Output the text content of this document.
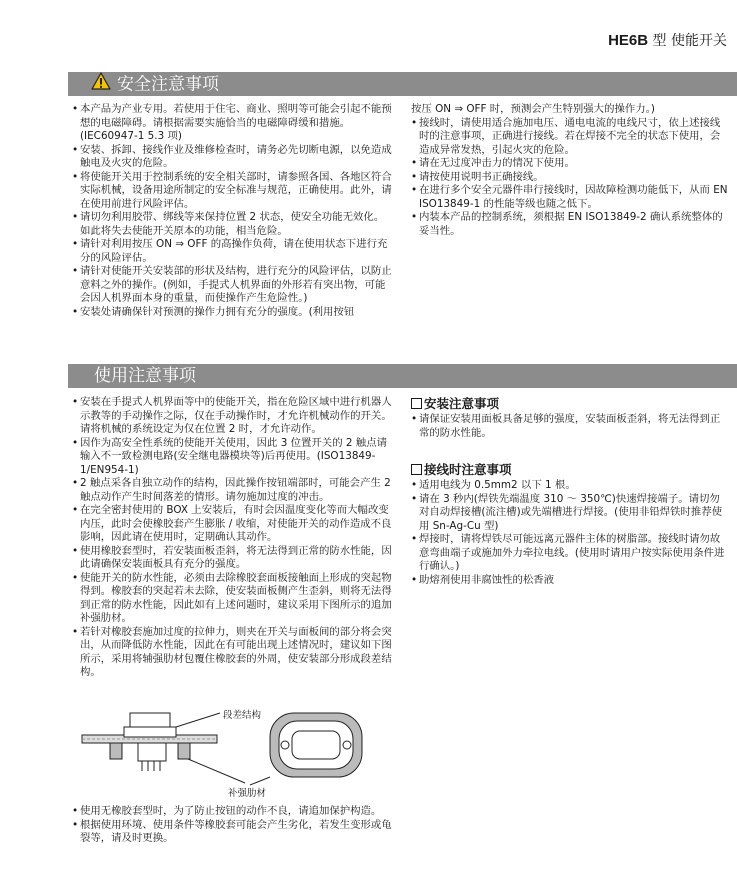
HE6B 型 使能开关
安全注意事项
• 本产品为产业专用。若使用于住宅、商业、照明等可能会引起不能预想的电磁障碍。请根据需要实施恰当的电磁障碍缓和措施。(IEC60947-1 5.3 项)
• 安装、拆卸、接线作业及维修检查时，请务必先切断电源，以免造成触电及火灾的危险。
• 将使能开关用于控制系统的安全相关部时，请参照各国、各地区符合实际机械，设备用途所制定的安全标准与规范，正确使用。此外，请在使用前进行风险评估。
• 请切勿利用胶带、绑线等来保持位置 2 状态，使安全功能无效化。如此将失去使能开关原本的功能，相当危险。
• 请针对利用按压 ON ⇒ OFF 的高操作负荷，请在使用状态下进行充分的风险评估。
• 请针对使能开关安装部的形状及结构，进行充分的风险评估，以防止意料之外的操作。(例如，手提式人机界面的外形若有突出物，可能会因人机界面本身的重量，而使操作产生危险性。)
• 安装处请确保针对预测的操作力拥有充分的强度。(利用按钮
按压 ON ⇒ OFF 时，预测会产生特别强大的操作力。)
• 接线时，请使用适合施加电压、通电电流的电线尺寸，依上述接线时的注意事项，正确进行接线。若在焊接不完全的状态下使用，会造成异常发热，引起火灾的危险。
• 请在无过度冲击力的情况下使用。
• 请按使用说明书正确接线。
• 在进行多个安全元器件串行接线时，因故障检测功能低下，从而 EN ISO13849-1 的性能等级也随之低下。
• 内装本产品的控制系统，须根据 EN ISO13849-2 确认系统整体的妥当性。
使用注意事项
• 安装在手提式人机界面等中的使能开关，指在危险区域中进行机器人示教等的手动操作之际，仅在手动操作时，才允许机械动作的开关。请将机械的系统设定为仅在位置 2 时，才允许动作。
• 因作为高安全性系统的使能开关使用，因此 3 位置开关的 2 触点请输入不一致检测电路(安全继电器模块等)后再使用。(ISO13849-1/EN954-1)
• 2 触点采各自独立动作的结构，因此操作按钮端部时，可能会产生 2 触点动作产生时间落差的情形。请勿施加过度的冲击。
• 在完全密封使用的 BOX 上安装后，有时会因温度变化等而大幅改变内压，此时会使橡胶套产生膨胀 / 收缩，对使能开关的动作造成不良影响，因此请在使用时，定期确认其动作。
• 使用橡胶套型时，若安装面板歪斜，将无法得到正常的防水性能，因此请确保安装面板具有充分的强度。
• 使能开关的防水性能，必须由去除橡胶套面板接触面上形成的突起物得到。橡胶套的突起若未去除，使安装面板侧产生歪斜，则将无法得到正常的防水性能，因此如有上述问题时，建议采用下图所示的追加补强肋材。
• 若针对橡胶套施加过度的拉伸力，则夹在开关与面板间的部分将会突出，从而降低防水性能，因此在有可能出现上述情况时，建议如下图所示，采用将辅强肋材包覆住橡胶套的外周，使安装部分形成段差结构。
段差结构
补强肋材
• 使用无橡胶套型时，为了防止按钮的动作不良，请追加保护构造。
• 根据使用环境、使用条件等橡胶套可能会产生劣化，若发生变形或龟裂等，请及时更换。
安装注意事项
• 请保证安装用面板具备足够的强度，安装面板歪斜，将无法得到正常的防水性能。
接线时注意事项
• 适用电线为 0.5mm2 以下 1 根。
• 请在 3 秒内(焊铁先端温度 310 ～ 350℃)快速焊接端子。请切勿对自动焊接槽(流注槽)或先端槽进行焊接。(使用非铅焊铁时推荐使用 Sn-Ag-Cu 型)
• 焊接时，请将焊铁尽可能远离元器件主体的树脂部。接线时请勿故意弯曲端子或施加外力牵拉电线。(使用时请用户按实际使用条件进行确认。)
• 助熔剂使用非腐蚀性的松香液
